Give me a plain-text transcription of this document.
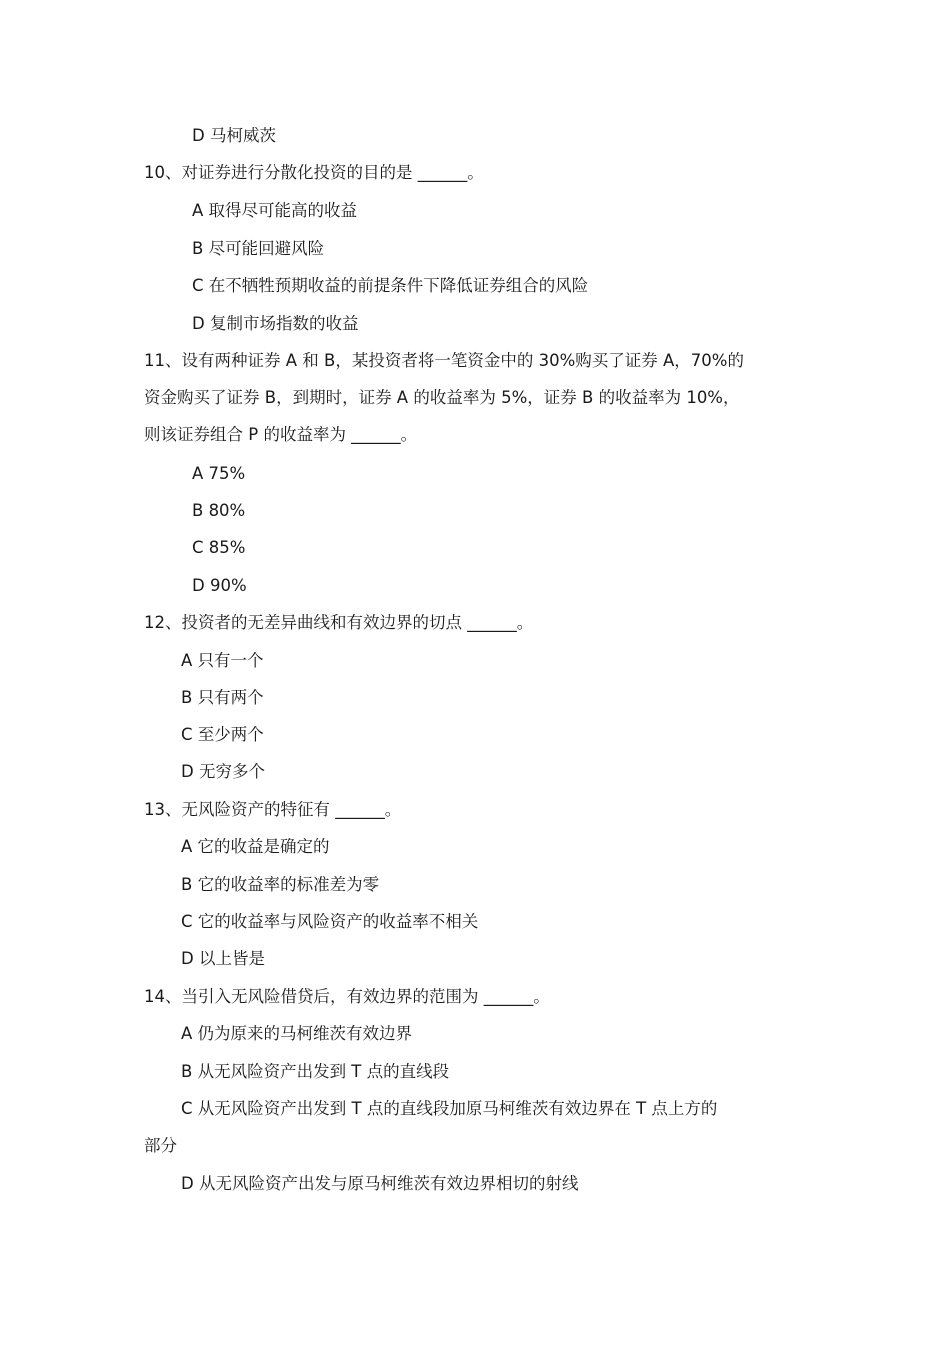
D 马柯威茨
10、对证券进行分散化投资的目的是 ______。
A 取得尽可能高的收益
B 尽可能回避风险
C 在不牺牲预期收益的前提条件下降低证券组合的风险
D 复制市场指数的收益
11、设有两种证券 A 和 B，某投资者将一笔资金中的 30%购买了证券 A，70%的
资金购买了证券 B，到期时，证券 A 的收益率为 5%，证券 B 的收益率为 10%，
则该证券组合 P 的收益率为 ______。
A 75%
B 80%
C 85%
D 90%
12、投资者的无差异曲线和有效边界的切点 ______。
A 只有一个
B 只有两个
C 至少两个
D 无穷多个
13、无风险资产的特征有 ______。
A 它的收益是确定的
B 它的收益率的标准差为零
C 它的收益率与风险资产的收益率不相关
D 以上皆是
14、当引入无风险借贷后，有效边界的范围为 ______。
A 仍为原来的马柯维茨有效边界
B 从无风险资产出发到 T 点的直线段
C 从无风险资产出发到 T 点的直线段加原马柯维茨有效边界在 T 点上方的
部分
D 从无风险资产出发与原马柯维茨有效边界相切的射线
